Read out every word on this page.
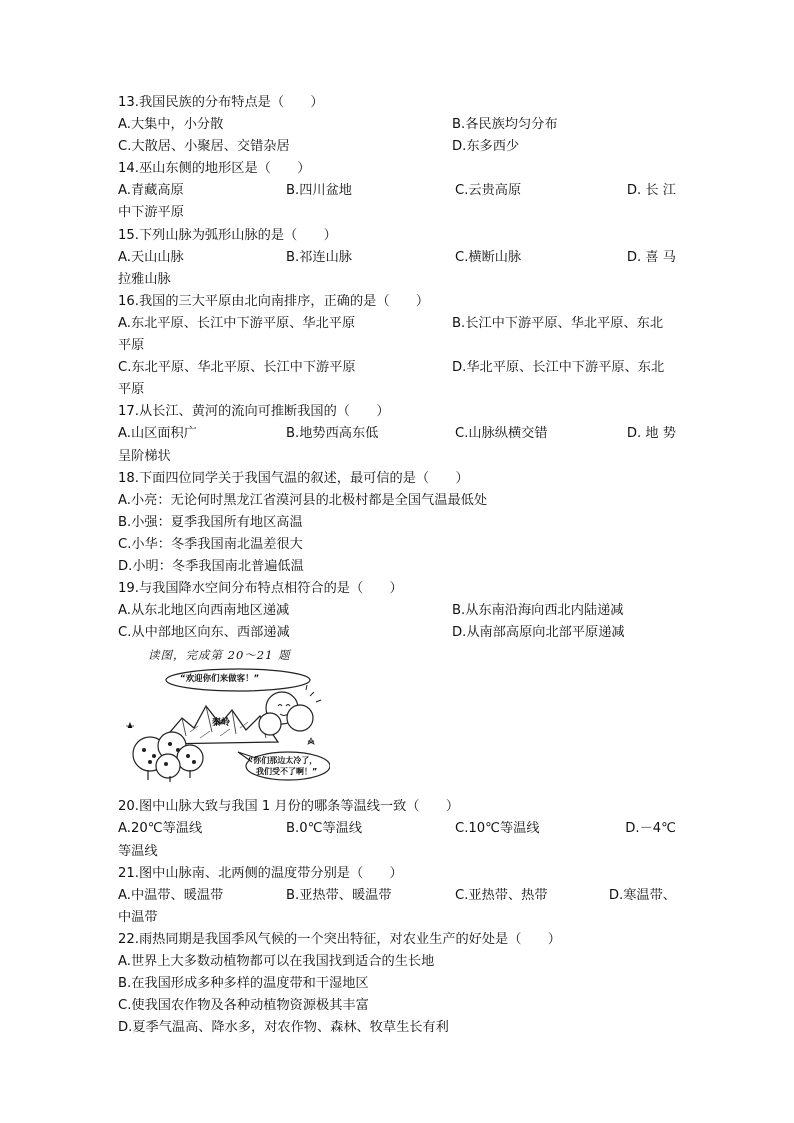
13.我国民族的分布特点是（　　）
A.大集中，小分散	B.各民族均匀分布
C.大散居、小聚居、交错杂居	D.东多西少
14.巫山东侧的地形区是（　　）
A.青藏高原	B.四川盆地	C.云贵高原	D. 长 江
中下游平原
15.下列山脉为弧形山脉的是（　　）
A.天山山脉	B.祁连山脉	C.横断山脉	D. 喜 马
拉雅山脉
16.我国的三大平原由北向南排序，正确的是（　　）
A.东北平原、长江中下游平原、华北平原	B.长江中下游平原、华北平原、东北
平原
C.东北平原、华北平原、长江中下游平原	D.华北平原、长江中下游平原、东北
平原
17.从长江、黄河的流向可推断我国的（　　）
A.山区面积广	B.地势西高东低	C.山脉纵横交错	D. 地 势
呈阶梯状
18.下面四位同学关于我国气温的叙述，最可信的是（　　）
A.小亮：无论何时黑龙江省漠河县的北极村都是全国气温最低处
B.小强：夏季我国所有地区高温
C.小华：冬季我国南北温差很大
D.小明：冬季我国南北普遍低温
19.与我国降水空间分布特点相符合的是（　　）
A.从东北地区向西南地区递减	B.从东南沿海向西北内陆递减
C.从中部地区向东、西部递减	D.从南部高原向北部平原递减
读图，完成第 20～21 题
“欢迎你们来做客！”
“你们那边太冷了，
我们受不了啊！”
秦岭
20.图中山脉大致与我国 1 月份的哪条等温线一致（　　）
A.20℃等温线	B.0℃等温线	C.10℃等温线	D.－4℃
等温线
21.图中山脉南、北两侧的温度带分别是（　　）
A.中温带、暖温带	B.亚热带、暖温带	C.亚热带、热带	D.寒温带、
中温带
22.雨热同期是我国季风气候的一个突出特征，对农业生产的好处是（　　）
A.世界上大多数动植物都可以在我国找到适合的生长地
B.在我国形成多种多样的温度带和干湿地区
C.使我国农作物及各种动植物资源极其丰富
D.夏季气温高、降水多，对农作物、森林、牧草生长有利
